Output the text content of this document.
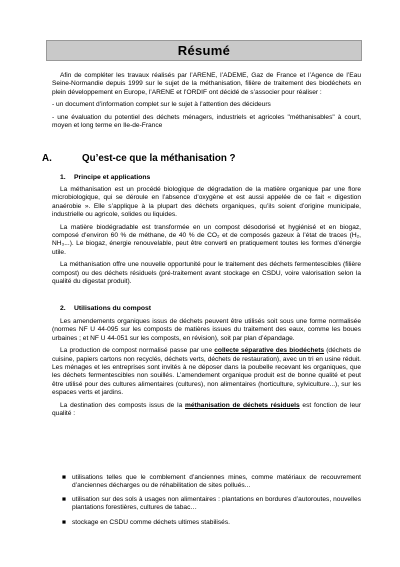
Résumé

Afin de compléter les travaux réalisés par l’ARENE, l’ADEME, Gaz de France et l’Agence de l’Eau Seine-Normandie depuis 1999 sur le sujet de la méthanisation, filière de traitement des biodéchets en plein développement en Europe, l’ARENE et l’ORDIF ont décidé de s’associer pour réaliser :

- un document d’information complet sur le sujet à l’attention des décideurs

- une évaluation du potentiel des déchets ménagers, industriels et agricoles "méthanisables" à court, moyen et long terme en Ile-de-France

A.	Qu’est-ce que la méthanisation ?
1. Principe et applications

La méthanisation est un procédé biologique de dégradation de la matière organique par une flore microbiologique, qui se déroule en l’absence d’oxygène et est aussi appelée de ce fait « digestion anaérobie ». Elle s’applique à la plupart des déchets organiques, qu’ils soient d’origine municipale, industrielle ou agricole, solides ou liquides.

La matière biodégradable est transformée en un compost désodorisé et hygiénisé et en biogaz, composé d’environ 60 % de méthane, de 40 % de CO₂ et de composés gazeux à l’état de traces (H₂, NH₃...). Le biogaz, énergie renouvelable, peut être converti en pratiquement toutes les formes d’énergie utile.

La méthanisation offre une nouvelle opportunité pour le traitement des déchets fermentescibles (filière compost) ou des déchets résiduels (pré-traitement avant stockage en CSDU, voire valorisation selon la qualité du digestat produit).

2. Utilisations du compost

Les amendements organiques issus de déchets peuvent être utilisés soit sous une forme normalisée (normes NF U 44-095 sur les composts de matières issues du traitement des eaux, comme les boues urbaines ; et NF U 44-051 sur les composts, en révision), soit par plan d’épandage.

La production de compost normalisé passe par une collecte séparative des biodéchets (déchets de cuisine, papiers cartons non recyclés, déchets verts, déchets de restauration), avec un tri en usine réduit. Les ménages et les entreprises sont invités à ne déposer dans la poubelle recevant les organiques, que les déchets fermentescibles non souillés. L’amendement organique produit est de bonne qualité et peut être utilisé pour des cultures alimentaires (cultures), non alimentaires (horticulture, sylviculture...), sur les espaces verts et jardins.

La destination des composts issus de la méthanisation de déchets résiduels est fonction de leur qualité :

■ utilisations telles que le comblement d’anciennes mines, comme matériaux de recouvrement d’anciennes décharges ou de réhabilitation de sites pollués...
■ utilisation sur des sols à usages non alimentaires : plantations en bordures d’autoroutes, nouvelles plantations forestières, cultures de tabac…
■ stockage en CSDU comme déchets ultimes stabilisés.
